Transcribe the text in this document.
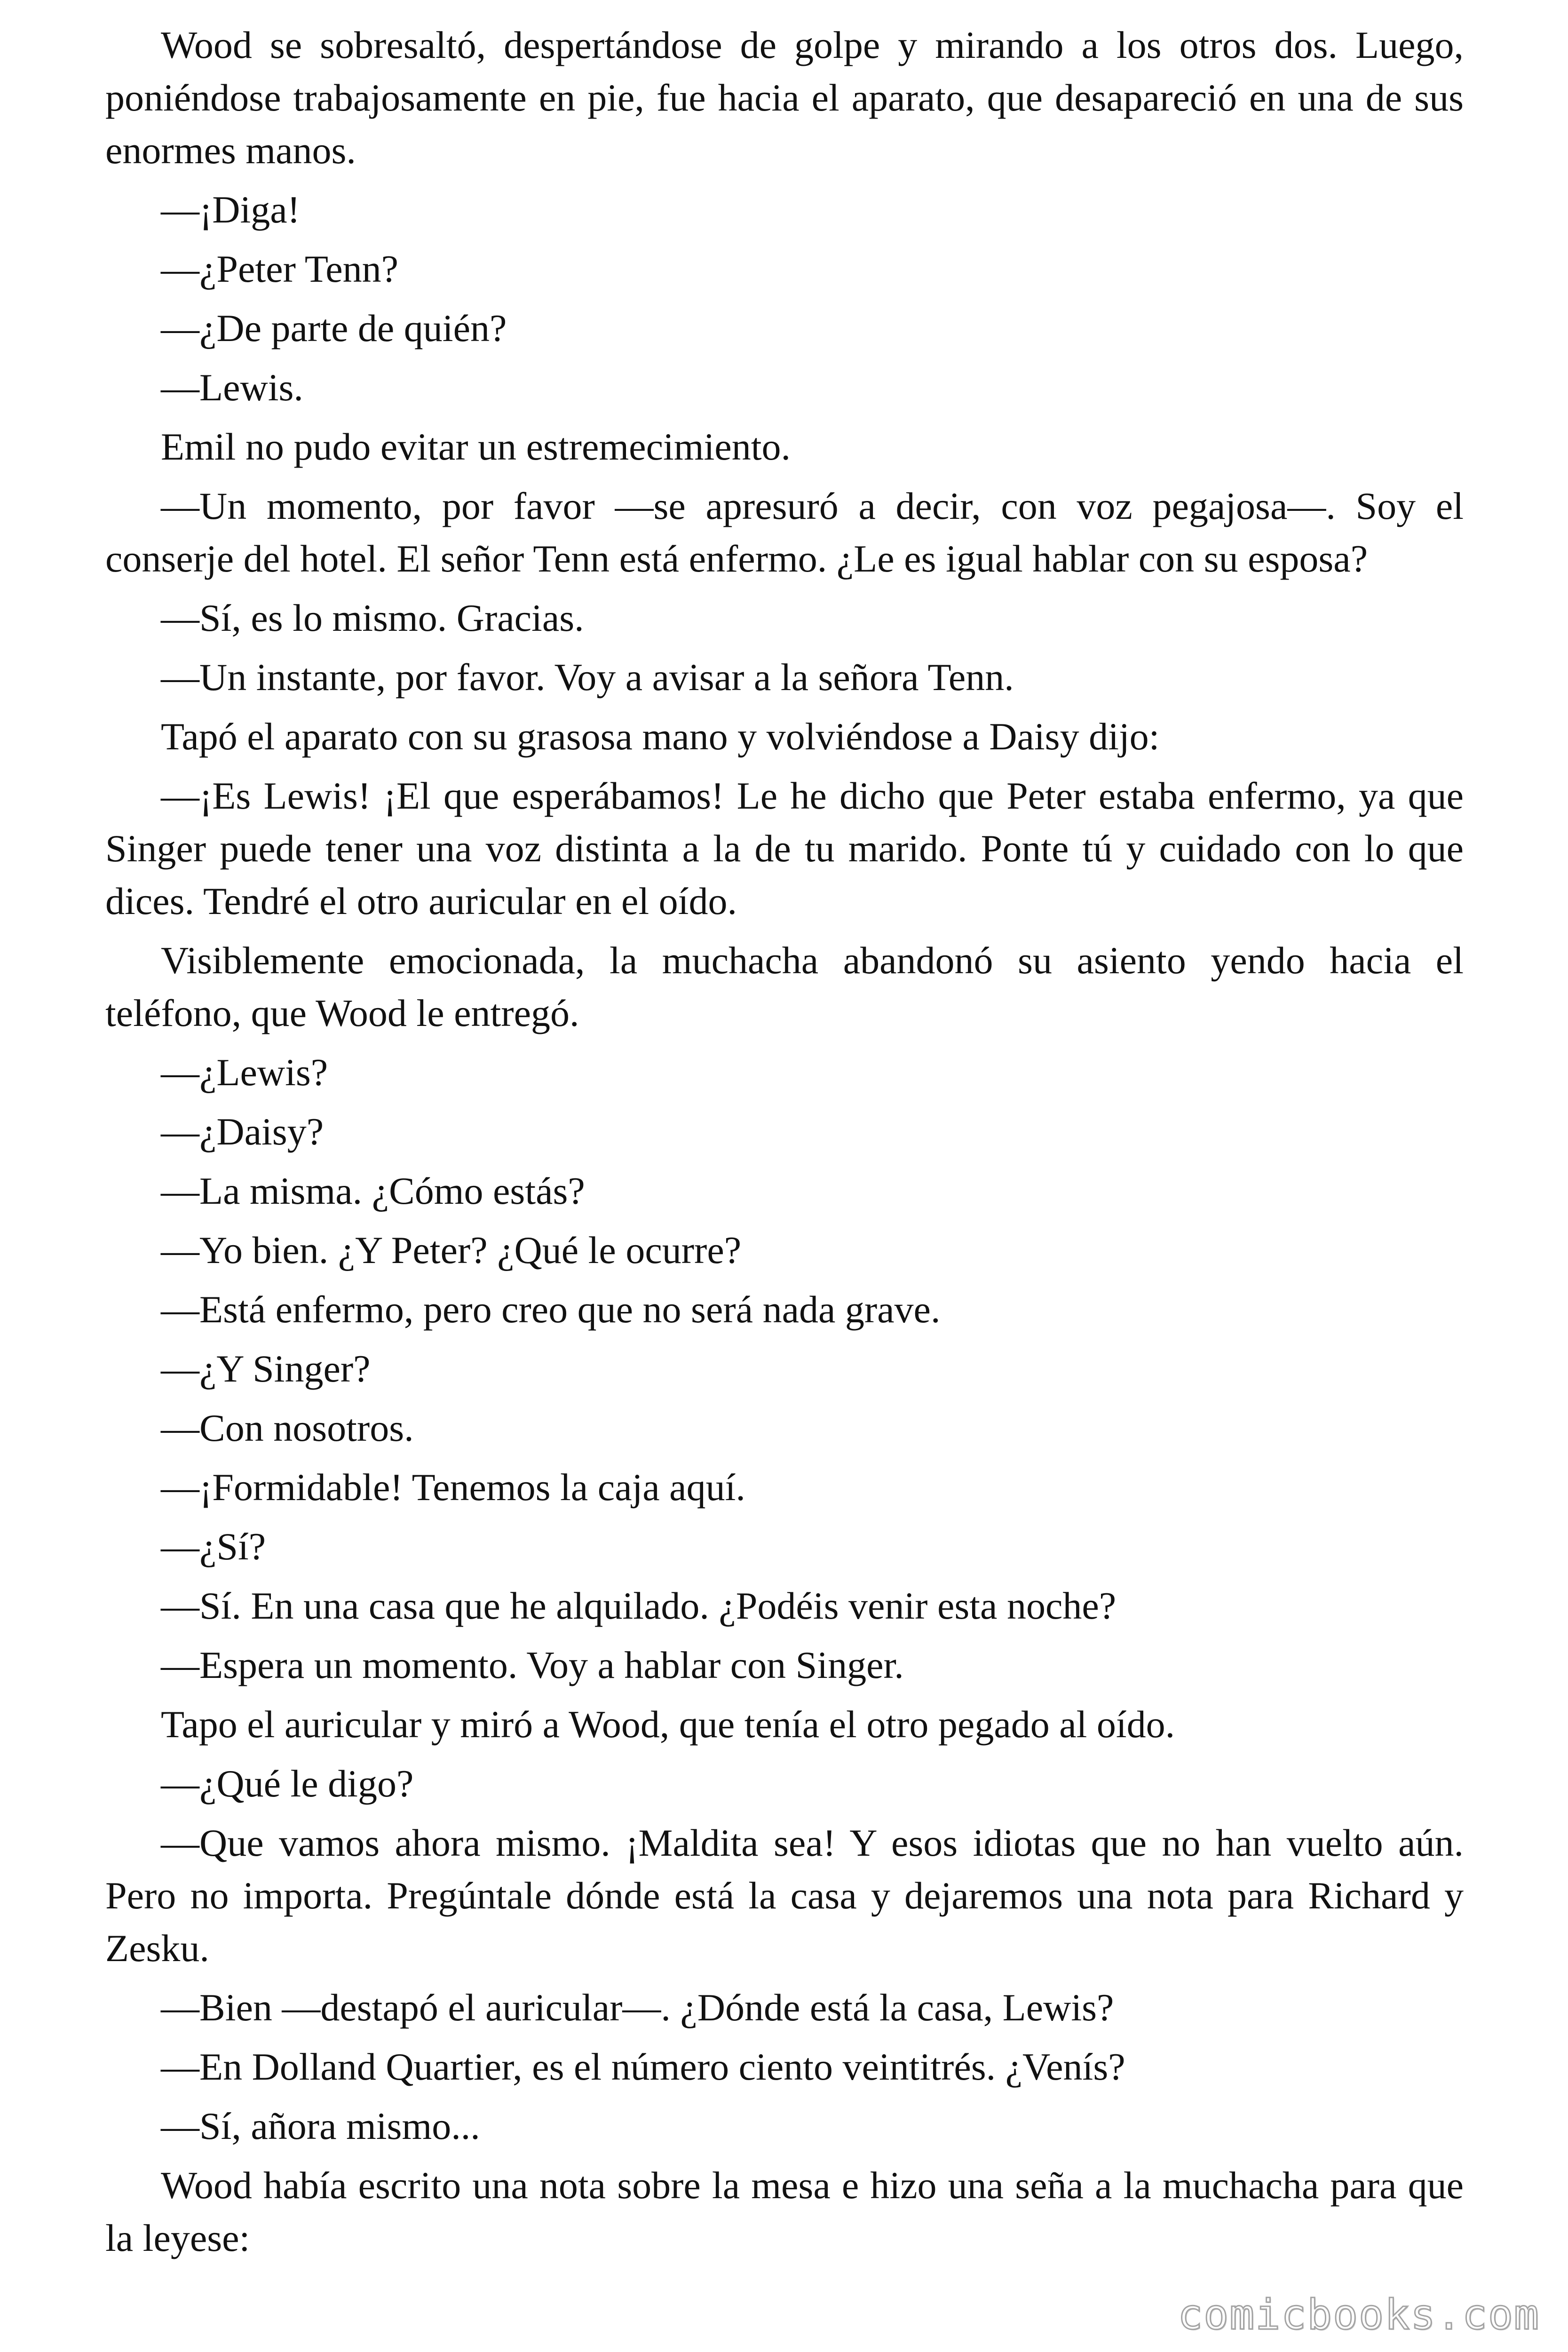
Wood se sobresaltó, despertándose de golpe y mirando a los otros dos. Luego, poniéndose trabajosamente en pie, fue hacia el aparato, que desapareció en una de sus enormes manos.

—¡Diga!

—¿Peter Tenn?

—¿De parte de quién?

—Lewis.

Emil no pudo evitar un estremecimiento.

—Un momento, por favor —se apresuró a decir, con voz pegajosa—. Soy el conserje del hotel. El señor Tenn está enfermo. ¿Le es igual hablar con su esposa?

—Sí, es lo mismo. Gracias.

—Un instante, por favor. Voy a avisar a la señora Tenn.

Tapó el aparato con su grasosa mano y volviéndose a Daisy dijo:

—¡Es Lewis! ¡El que esperábamos! Le he dicho que Peter estaba enfermo, ya que Singer puede tener una voz distinta a la de tu marido. Ponte tú y cuidado con lo que dices. Tendré el otro auricular en el oído.

Visiblemente emocionada, la muchacha abandonó su asiento yendo hacia el teléfono, que Wood le entregó.

—¿Lewis?

—¿Daisy?

—La misma. ¿Cómo estás?

—Yo bien. ¿Y Peter? ¿Qué le ocurre?

—Está enfermo, pero creo que no será nada grave.

—¿Y Singer?

—Con nosotros.

—¡Formidable! Tenemos la caja aquí.

—¿Sí?

—Sí. En una casa que he alquilado. ¿Podéis venir esta noche?

—Espera un momento. Voy a hablar con Singer.

Tapo el auricular y miró a Wood, que tenía el otro pegado al oído.

—¿Qué le digo?

—Que vamos ahora mismo. ¡Maldita sea! Y esos idiotas que no han vuelto aún. Pero no importa. Pregúntale dónde está la casa y dejaremos una nota para Richard y Zesku.

—Bien —destapó el auricular—. ¿Dónde está la casa, Lewis?

—En Dolland Quartier, es el número ciento veintitrés. ¿Venís?

—Sí, añora mismo...

Wood había escrito una nota sobre la mesa e hizo una seña a la muchacha para que la leyese:

comicbooks.com
